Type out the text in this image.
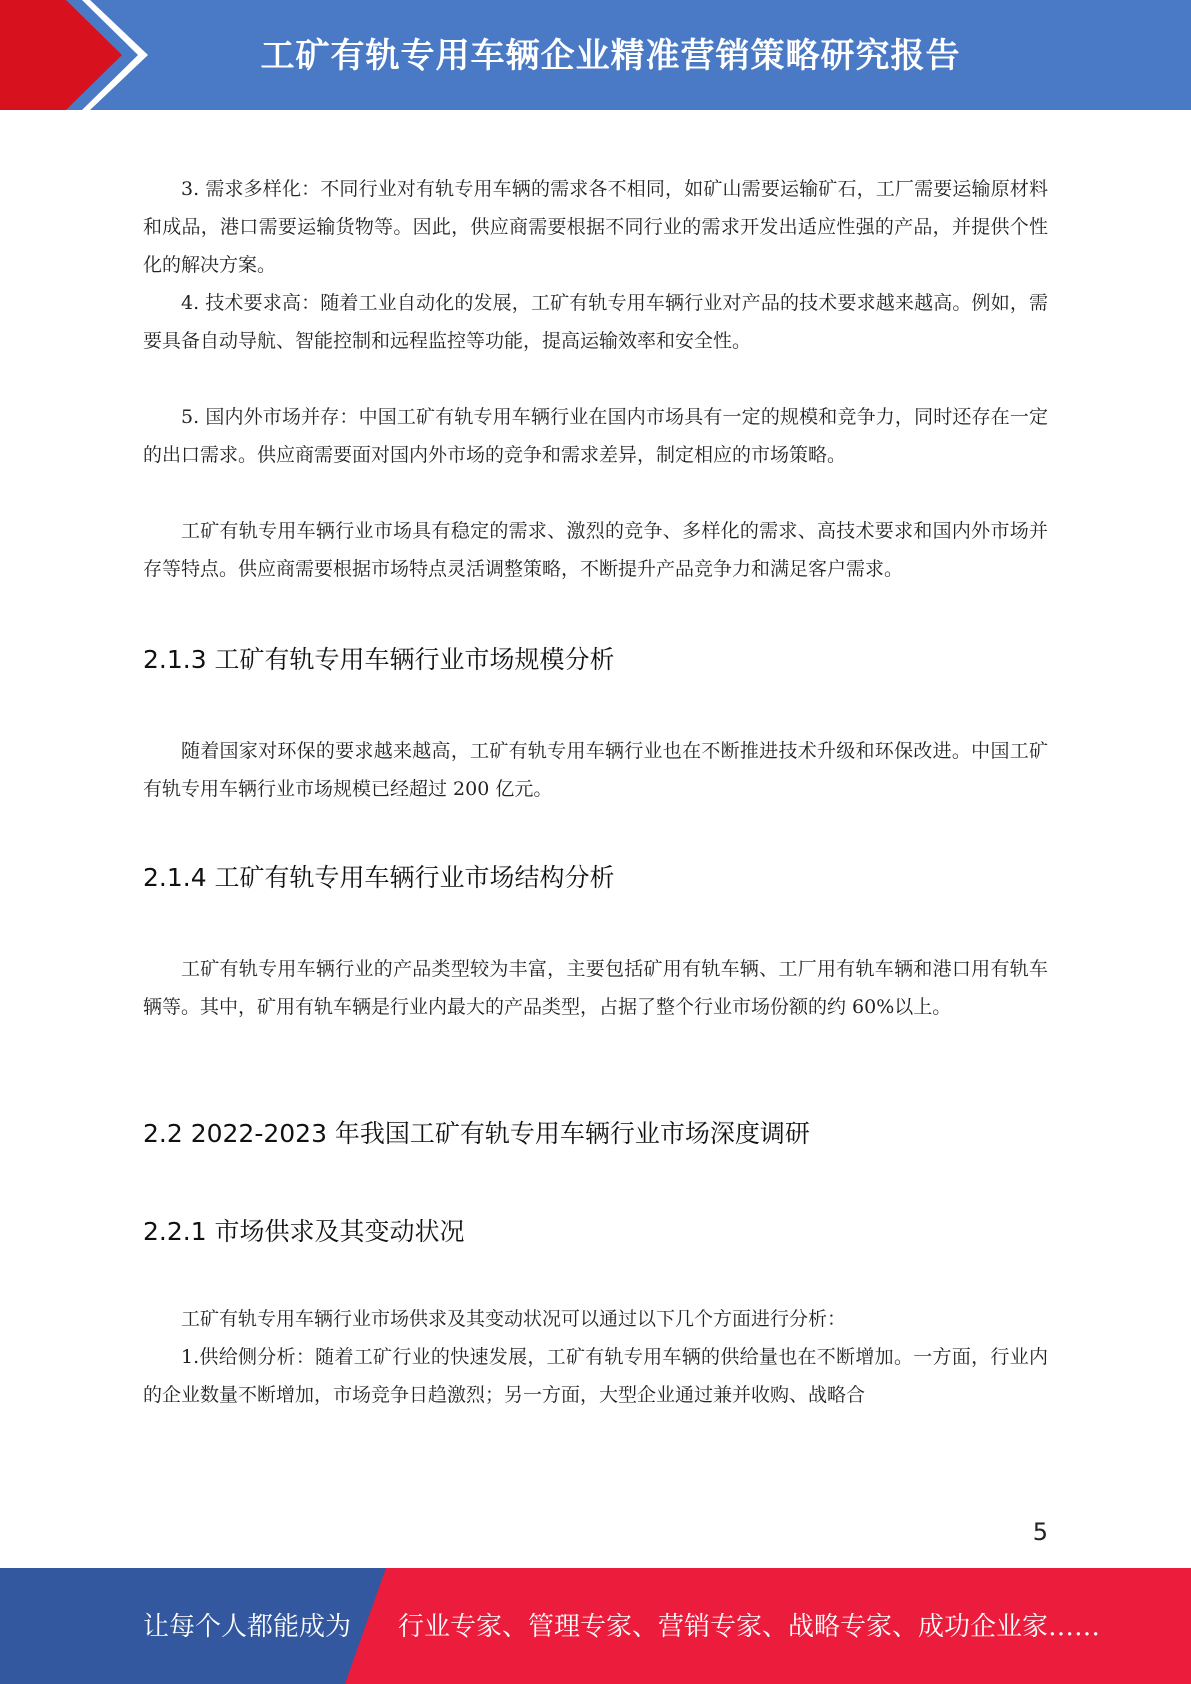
工矿有轨专用车辆企业精准营销策略研究报告

3. 需求多样化：不同行业对有轨专用车辆的需求各不相同，如矿山需要运输矿石，工厂需要运输原材料和成品，港口需要运输货物等。因此，供应商需要根据不同行业的需求开发出适应性强的产品，并提供个性化的解决方案。

4. 技术要求高：随着工业自动化的发展，工矿有轨专用车辆行业对产品的技术要求越来越高。例如，需要具备自动导航、智能控制和远程监控等功能，提高运输效率和安全性。

5. 国内外市场并存：中国工矿有轨专用车辆行业在国内市场具有一定的规模和竞争力，同时还存在一定的出口需求。供应商需要面对国内外市场的竞争和需求差异，制定相应的市场策略。

工矿有轨专用车辆行业市场具有稳定的需求、激烈的竞争、多样化的需求、高技术要求和国内外市场并存等特点。供应商需要根据市场特点灵活调整策略，不断提升产品竞争力和满足客户需求。

2.1.3 工矿有轨专用车辆行业市场规模分析

随着国家对环保的要求越来越高，工矿有轨专用车辆行业也在不断推进技术升级和环保改进。中国工矿有轨专用车辆行业市场规模已经超过 200 亿元。

2.1.4 工矿有轨专用车辆行业市场结构分析

工矿有轨专用车辆行业的产品类型较为丰富，主要包括矿用有轨车辆、工厂用有轨车辆和港口用有轨车辆等。其中，矿用有轨车辆是行业内最大的产品类型，占据了整个行业市场份额的约 60%以上。

2.2 2022-2023 年我国工矿有轨专用车辆行业市场深度调研
2.2.1 市场供求及其变动状况

工矿有轨专用车辆行业市场供求及其变动状况可以通过以下几个方面进行分析：

1.供给侧分析：随着工矿行业的快速发展，工矿有轨专用车辆的供给量也在不断增加。一方面，行业内的企业数量不断增加，市场竞争日趋激烈；另一方面，大型企业通过兼并收购、战略合

5
让每个人都能成为 行业专家、管理专家、营销专家、战略专家、成功企业家……
